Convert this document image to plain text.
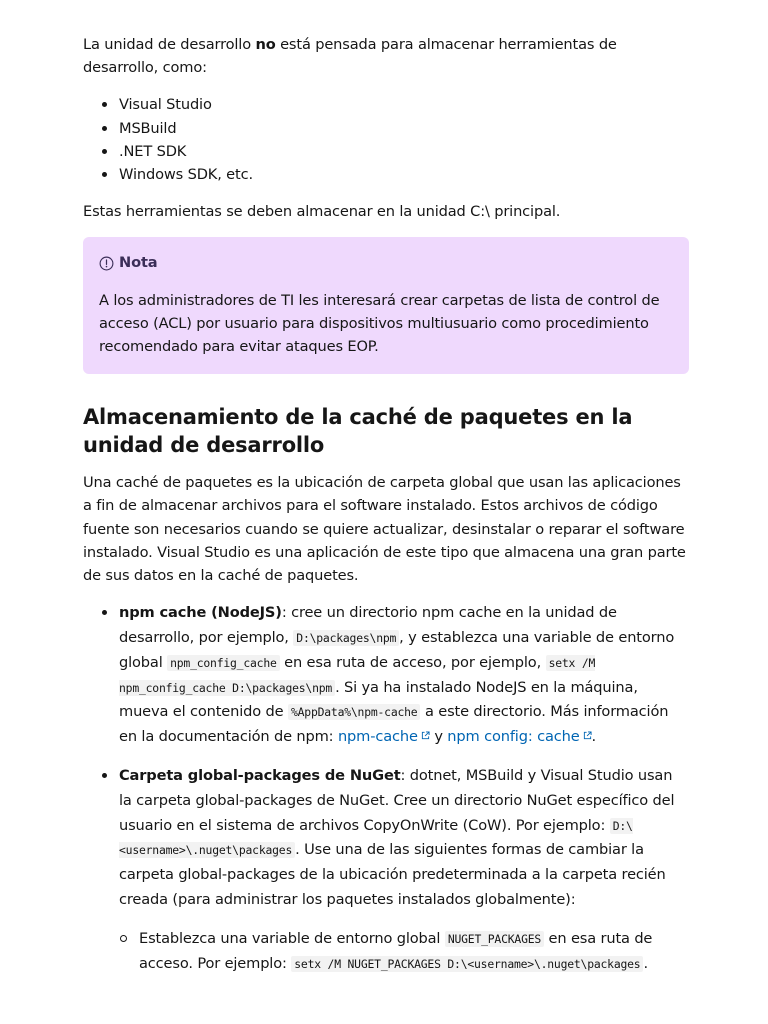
La unidad de desarrollo no está pensada para almacenar herramientas de desarrollo, como:

Visual Studio
MSBuild
.NET SDK
Windows SDK, etc.

Estas herramientas se deben almacenar en la unidad C:\ principal.

Nota

A los administradores de TI les interesará crear carpetas de lista de control de acceso (ACL) por usuario para dispositivos multiusuario como procedimiento recomendado para evitar ataques EOP.

Almacenamiento de la caché de paquetes en la unidad de desarrollo

Una caché de paquetes es la ubicación de carpeta global que usan las aplicaciones a fin de almacenar archivos para el software instalado. Estos archivos de código fuente son necesarios cuando se quiere actualizar, desinstalar o reparar el software instalado. Visual Studio es una aplicación de este tipo que almacena una gran parte de sus datos en la caché de paquetes.

npm cache (NodeJS): cree un directorio npm cache en la unidad de desarrollo, por ejemplo, D:\packages\npm , y establezca una variable de entorno global npm_config_cache en esa ruta de acceso, por ejemplo, setx /M npm_config_cache D:\packages\npm . Si ya ha instalado NodeJS en la máquina, mueva el contenido de %AppData%\npm-cache a este directorio. Más información en la documentación de npm: npm-cache y npm config: cache .
Carpeta global-packages de NuGet: dotnet, MSBuild y Visual Studio usan la carpeta global-packages de NuGet. Cree un directorio NuGet específico del usuario en el sistema de archivos CopyOnWrite (CoW). Por ejemplo: D:\<username>\.nuget\packages . Use una de las siguientes formas de cambiar la carpeta global-packages de la ubicación predeterminada a la carpeta recién creada (para administrar los paquetes instalados globalmente):
Establezca una variable de entorno global NUGET_PACKAGES en esa ruta de acceso. Por ejemplo: setx /M NUGET_PACKAGES D:\<username>\.nuget\packages .
